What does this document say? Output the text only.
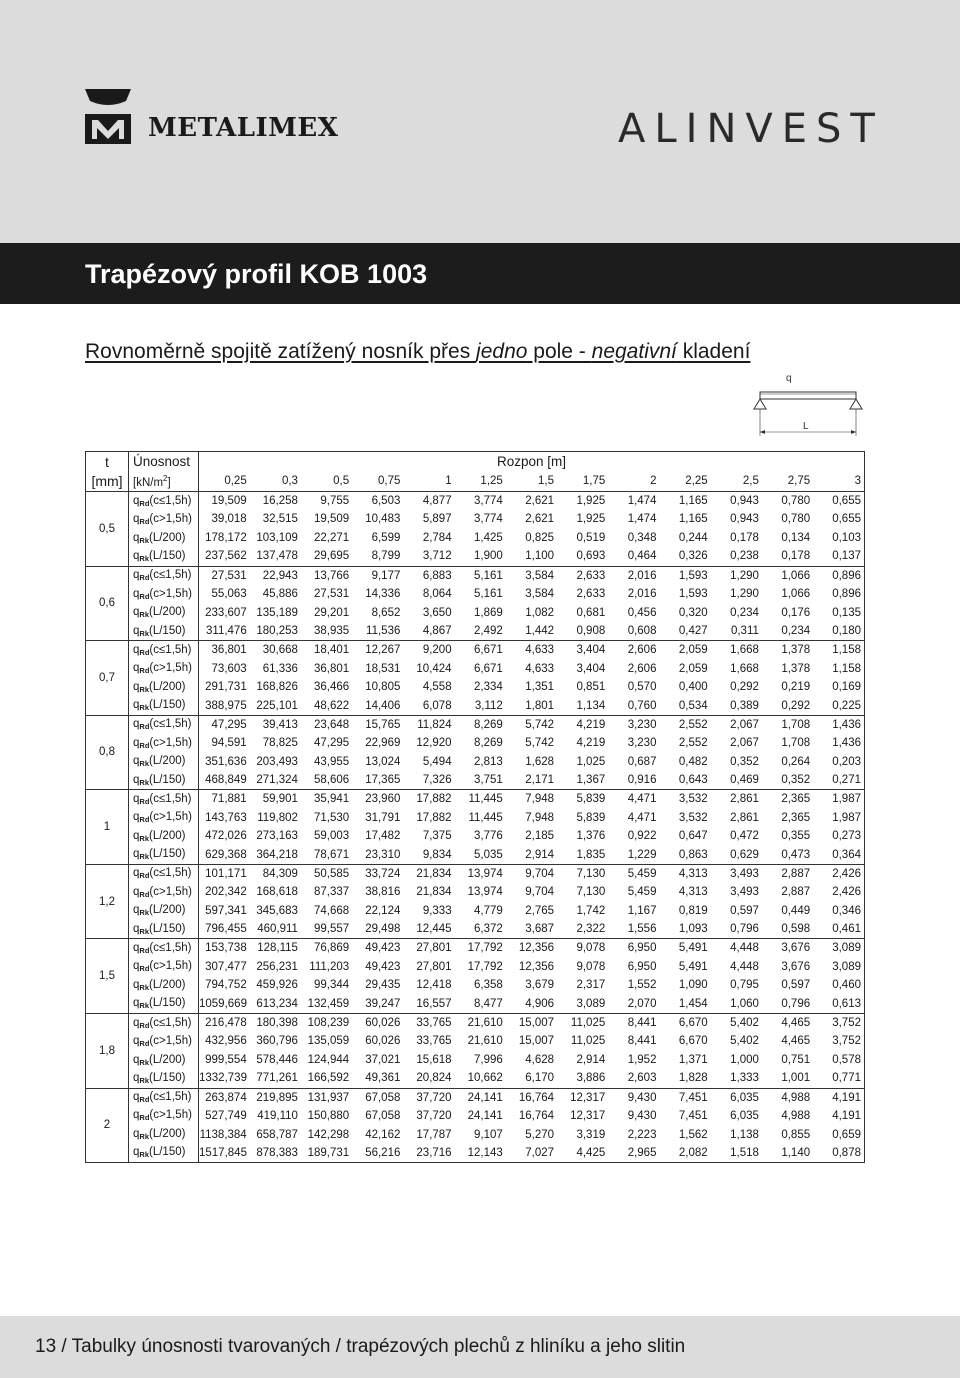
METALIMEX	ALINVEST
Trapézový profil KOB 1003
Rovnoměrně spojitě zatížený nosník přes jedno pole - negativní kladení
q
L
t	Únosnost	Rozpon [m]												
[mm]	$[kN/m^2]$	0,25	0,3	0,5	0,75	1	1,25	1,5	1,75	2	2,25	2,5	2,75	3
0,5	$q_{Rd}(c\le 1,5h)$	19,509	16,258	9,755	6,503	4,877	3,774	2,621	1,925	1,474	1,165	0,943	0,780	0,655
	$q_{Rd}(c>1,5h)$	39,018	32,515	19,509	10,483	5,897	3,774	2,621	1,925	1,474	1,165	0,943	0,780	0,655
	$q_{Rk}(L/200)$	178,172	103,109	22,271	6,599	2,784	1,425	0,825	0,519	0,348	0,244	0,178	0,134	0,103
	$q_{Rk}(L/150)$	237,562	137,478	29,695	8,799	3,712	1,900	1,100	0,693	0,464	0,326	0,238	0,178	0,137
0,6	$q_{Rd}(c\le 1,5h)$	27,531	22,943	13,766	9,177	6,883	5,161	3,584	2,633	2,016	1,593	1,290	1,066	0,896
	$q_{Rd}(c>1,5h)$	55,063	45,886	27,531	14,336	8,064	5,161	3,584	2,633	2,016	1,593	1,290	1,066	0,896
	$q_{Rk}(L/200)$	233,607	135,189	29,201	8,652	3,650	1,869	1,082	0,681	0,456	0,320	0,234	0,176	0,135
	$q_{Rk}(L/150)$	311,476	180,253	38,935	11,536	4,867	2,492	1,442	0,908	0,608	0,427	0,311	0,234	0,180
0,7	$q_{Rd}(c\le 1,5h)$	36,801	30,668	18,401	12,267	9,200	6,671	4,633	3,404	2,606	2,059	1,668	1,378	1,158
	$q_{Rd}(c>1,5h)$	73,603	61,336	36,801	18,531	10,424	6,671	4,633	3,404	2,606	2,059	1,668	1,378	1,158
	$q_{Rk}(L/200)$	291,731	168,826	36,466	10,805	4,558	2,334	1,351	0,851	0,570	0,400	0,292	0,219	0,169
	$q_{Rk}(L/150)$	388,975	225,101	48,622	14,406	6,078	3,112	1,801	1,134	0,760	0,534	0,389	0,292	0,225
0,8	$q_{Rd}(c\le 1,5h)$	47,295	39,413	23,648	15,765	11,824	8,269	5,742	4,219	3,230	2,552	2,067	1,708	1,436
	$q_{Rd}(c>1,5h)$	94,591	78,825	47,295	22,969	12,920	8,269	5,742	4,219	3,230	2,552	2,067	1,708	1,436
	$q_{Rk}(L/200)$	351,636	203,493	43,955	13,024	5,494	2,813	1,628	1,025	0,687	0,482	0,352	0,264	0,203
	$q_{Rk}(L/150)$	468,849	271,324	58,606	17,365	7,326	3,751	2,171	1,367	0,916	0,643	0,469	0,352	0,271
1	$q_{Rd}(c\le 1,5h)$	71,881	59,901	35,941	23,960	17,882	11,445	7,948	5,839	4,471	3,532	2,861	2,365	1,987
	$q_{Rd}(c>1,5h)$	143,763	119,802	71,530	31,791	17,882	11,445	7,948	5,839	4,471	3,532	2,861	2,365	1,987
	$q_{Rk}(L/200)$	472,026	273,163	59,003	17,482	7,375	3,776	2,185	1,376	0,922	0,647	0,472	0,355	0,273
	$q_{Rk}(L/150)$	629,368	364,218	78,671	23,310	9,834	5,035	2,914	1,835	1,229	0,863	0,629	0,473	0,364
1,2	$q_{Rd}(c\le 1,5h)$	101,171	84,309	50,585	33,724	21,834	13,974	9,704	7,130	5,459	4,313	3,493	2,887	2,426
	$q_{Rd}(c>1,5h)$	202,342	168,618	87,337	38,816	21,834	13,974	9,704	7,130	5,459	4,313	3,493	2,887	2,426
	$q_{Rk}(L/200)$	597,341	345,683	74,668	22,124	9,333	4,779	2,765	1,742	1,167	0,819	0,597	0,449	0,346
	$q_{Rk}(L/150)$	796,455	460,911	99,557	29,498	12,445	6,372	3,687	2,322	1,556	1,093	0,796	0,598	0,461
1,5	$q_{Rd}(c\le 1,5h)$	153,738	128,115	76,869	49,423	27,801	17,792	12,356	9,078	6,950	5,491	4,448	3,676	3,089
	$q_{Rd}(c>1,5h)$	307,477	256,231	111,203	49,423	27,801	17,792	12,356	9,078	6,950	5,491	4,448	3,676	3,089
	$q_{Rk}(L/200)$	794,752	459,926	99,344	29,435	12,418	6,358	3,679	2,317	1,552	1,090	0,795	0,597	0,460
	$q_{Rk}(L/150)$	1059,669	613,234	132,459	39,247	16,557	8,477	4,906	3,089	2,070	1,454	1,060	0,796	0,613
1,8	$q_{Rd}(c\le 1,5h)$	216,478	180,398	108,239	60,026	33,765	21,610	15,007	11,025	8,441	6,670	5,402	4,465	3,752
	$q_{Rd}(c>1,5h)$	432,956	360,796	135,059	60,026	33,765	21,610	15,007	11,025	8,441	6,670	5,402	4,465	3,752
	$q_{Rk}(L/200)$	999,554	578,446	124,944	37,021	15,618	7,996	4,628	2,914	1,952	1,371	1,000	0,751	0,578
	$q_{Rk}(L/150)$	1332,739	771,261	166,592	49,361	20,824	10,662	6,170	3,886	2,603	1,828	1,333	1,001	0,771
2	$q_{Rd}(c\le 1,5h)$	263,874	219,895	131,937	67,058	37,720	24,141	16,764	12,317	9,430	7,451	6,035	4,988	4,191
	$q_{Rd}(c>1,5h)$	527,749	419,110	150,880	67,058	37,720	24,141	16,764	12,317	9,430	7,451	6,035	4,988	4,191
	$q_{Rk}(L/200)$	1138,384	658,787	142,298	42,162	17,787	9,107	5,270	3,319	2,223	1,562	1,138	0,855	0,659
	$q_{Rk}(L/150)$	1517,845	878,383	189,731	56,216	23,716	12,143	7,027	4,425	2,965	2,082	1,518	1,140	0,878
13 / Tabulky únosnosti tvarovaných / trapézových plechů z hliníku a jeho slitin
